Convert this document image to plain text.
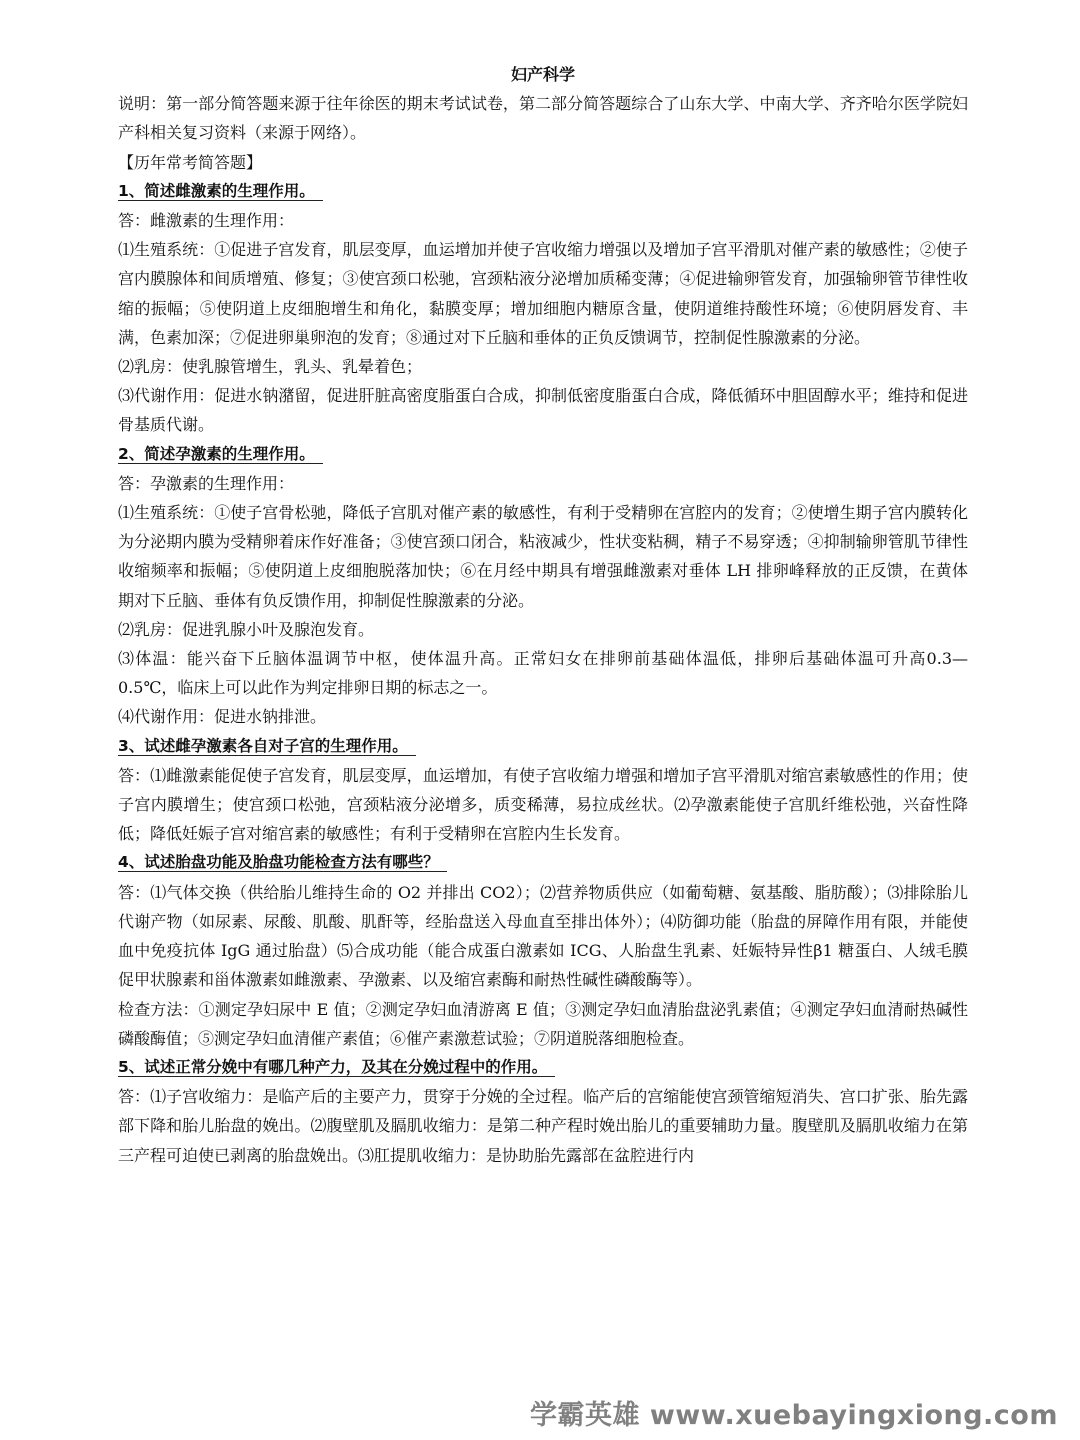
妇产科学

说明：第一部分简答题来源于往年徐医的期末考试试卷，第二部分简答题综合了山东大学、中南大学、齐齐哈尔医学院妇产科相关复习资料（来源于网络）。

【历年常考简答题】

1、简述雌激素的生理作用。

答：雌激素的生理作用：

⑴生殖系统：①促进子宫发育，肌层变厚，血运增加并使子宫收缩力增强以及增加子宫平滑肌对催产素的敏感性；②使子宫内膜腺体和间质增殖、修复；③使宫颈口松驰，宫颈粘液分泌增加质稀变薄；④促进输卵管发育，加强输卵管节律性收缩的振幅；⑤使阴道上皮细胞增生和角化，黏膜变厚；增加细胞内糖原含量，使阴道维持酸性环境；⑥使阴唇发育、丰满，色素加深；⑦促进卵巢卵泡的发育；⑧通过对下丘脑和垂体的正负反馈调节，控制促性腺激素的分泌。

⑵乳房：使乳腺管增生，乳头、乳晕着色；

⑶代谢作用：促进水钠潴留，促进肝脏高密度脂蛋白合成，抑制低密度脂蛋白合成，降低循环中胆固醇水平；维持和促进骨基质代谢。

2、简述孕激素的生理作用。

答：孕激素的生理作用：

⑴生殖系统：①使子宫骨松驰，降低子宫肌对催产素的敏感性，有利于受精卵在宫腔内的发育；②使增生期子宫内膜转化为分泌期内膜为受精卵着床作好准备；③使宫颈口闭合，粘液减少，性状变粘稠，精子不易穿透；④抑制输卵管肌节律性收缩频率和振幅；⑤使阴道上皮细胞脱落加快；⑥在月经中期具有增强雌激素对垂体 LH 排卵峰释放的正反馈，在黄体期对下丘脑、垂体有负反馈作用，抑制促性腺激素的分泌。

⑵乳房：促进乳腺小叶及腺泡发育。

⑶体温：能兴奋下丘脑体温调节中枢，使体温升高。正常妇女在排卵前基础体温低，排卵后基础体温可升高0.3—0.5℃，临床上可以此作为判定排卵日期的标志之一。

⑷代谢作用：促进水钠排泄。

3、试述雌孕激素各自对子宫的生理作用。

答：⑴雌激素能促使子宫发育，肌层变厚，血运增加，有使子宫收缩力增强和增加子宫平滑肌对缩宫素敏感性的作用；使子宫内膜增生；使宫颈口松弛，宫颈粘液分泌增多，质变稀薄，易拉成丝状。⑵孕激素能使子宫肌纤维松弛，兴奋性降低；降低妊娠子宫对缩宫素的敏感性；有利于受精卵在宫腔内生长发育。

4、试述胎盘功能及胎盘功能检查方法有哪些？

答：⑴气体交换（供给胎儿维持生命的 O2 并排出 CO2）；⑵营养物质供应（如葡萄糖、氨基酸、脂肪酸）；⑶排除胎儿代谢产物（如尿素、尿酸、肌酸、肌酐等，经胎盘送入母血直至排出体外）；⑷防御功能（胎盘的屏障作用有限，并能使血中免疫抗体 IgG 通过胎盘）⑸合成功能（能合成蛋白激素如 ICG、人胎盘生乳素、妊娠特异性β1 糖蛋白、人绒毛膜促甲状腺素和甾体激素如雌激素、孕激素、以及缩宫素酶和耐热性碱性磷酸酶等）。

检查方法：①测定孕妇尿中 E 值；②测定孕妇血清游离 E 值；③测定孕妇血清胎盘泌乳素值；④测定孕妇血清耐热碱性磷酸酶值；⑤测定孕妇血清催产素值；⑥催产素激惹试验；⑦阴道脱落细胞检查。

5、试述正常分娩中有哪几种产力，及其在分娩过程中的作用。

答：⑴子宫收缩力：是临产后的主要产力，贯穿于分娩的全过程。临产后的宫缩能使宫颈管缩短消失、宫口扩张、胎先露部下降和胎儿胎盘的娩出。⑵腹壁肌及膈肌收缩力：是第二种产程时娩出胎儿的重要辅助力量。腹壁肌及膈肌收缩力在第三产程可迫使已剥离的胎盘娩出。⑶肛提肌收缩力：是协助胎先露部在盆腔进行内

学霸英雄 www.xuebayingxiong.com
